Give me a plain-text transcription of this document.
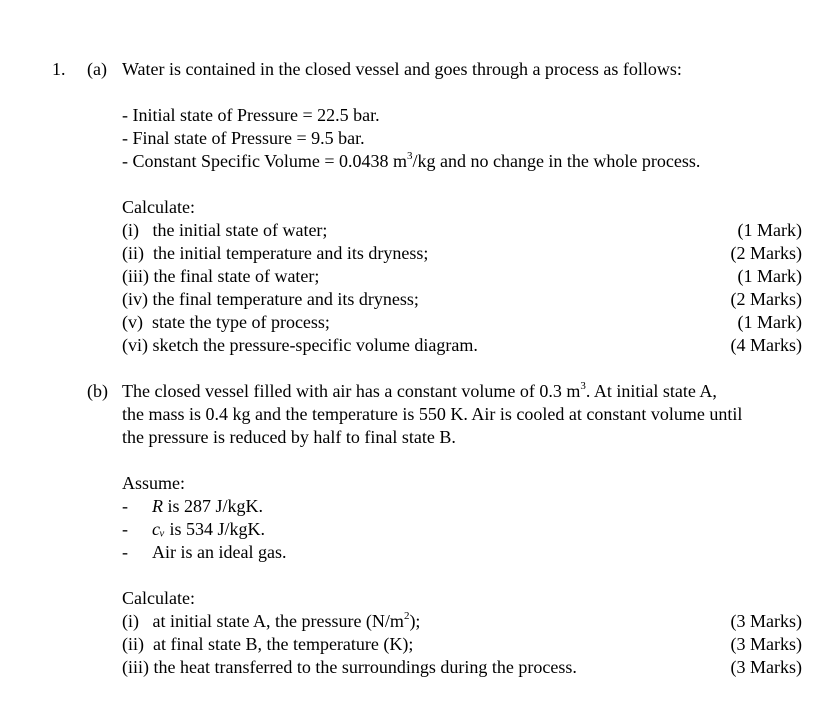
1. (a) Water is contained in the closed vessel and goes through a process as follows:
- Initial state of Pressure = 22.5 bar.
- Final state of Pressure = 9.5 bar.
- Constant Specific Volume = 0.0438 $m^3/kg$ and no change in the whole process.
Calculate:
(i)   the initial state of water;	(1 Mark)
(ii)  the initial temperature and its dryness;	(2 Marks)
(iii) the final state of water;	(1 Mark)
(iv) the final temperature and its dryness;	(2 Marks)
(v)  state the type of process;	(1 Mark)
(vi) sketch the pressure-specific volume diagram.	(4 Marks)
(b) The closed vessel filled with air has a constant volume of 0.3 $m^3$. At initial state A,
the mass is 0.4 kg and the temperature is 550 K. Air is cooled at constant volume until
the pressure is reduced by half to final state B.
Assume:
- R is 287 J/kgK.
- cᵥ is 534 J/kgK.
- Air is an ideal gas.
Calculate:
(i)   at initial state A, the pressure $(N/m^2)$;	(3 Marks)
(ii)  at final state B, the temperature (K);	(3 Marks)
(iii) the heat transferred to the surroundings during the process.	(3 Marks)
